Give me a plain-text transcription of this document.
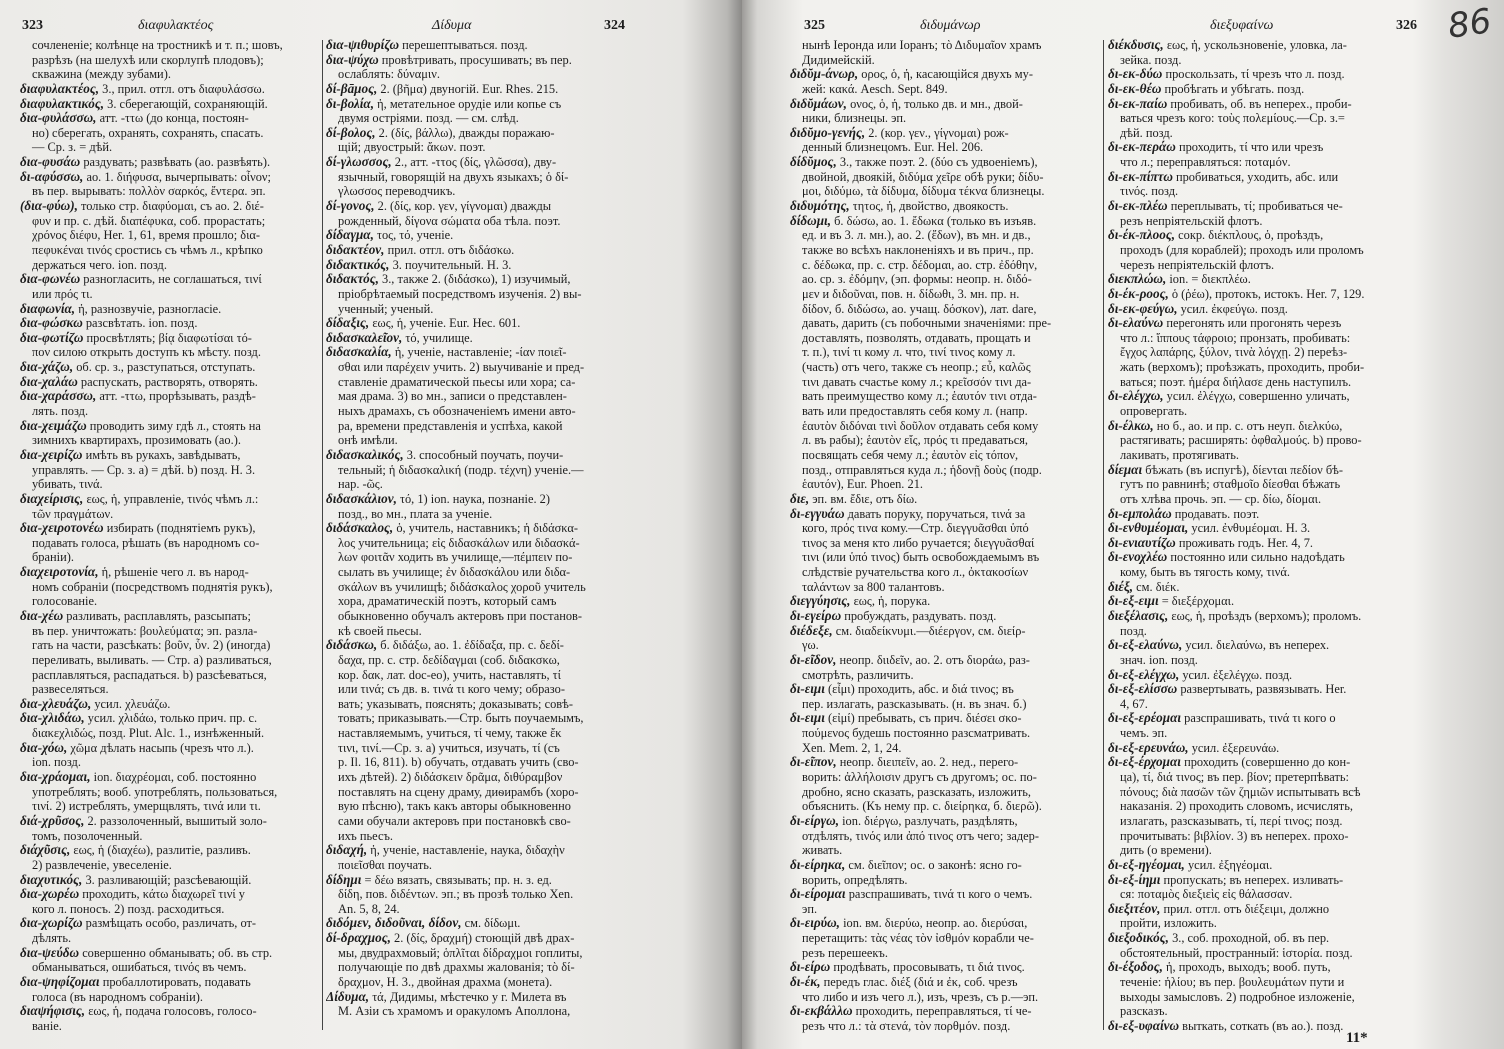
323	διαφυλακτέος	Δίδυμα	324
сочлененіе; колѣнце на тростникѣ и т. п.; шовъ,
разрѣзъ (на шелухѣ или скорлупѣ плодовъ);
скважина (между зубами).
διαφυλακτέος, 3., прил. отгл. отъ διαφυλάσσω.
διαφυλακτικός, 3. сберегающій, сохраняющій.
δια-φυλάσσω, атт. -ττω (до конца, постоян-
но) сберегать, охранять, сохранять, спасать.
— Ср. з. = дѣй.
δια-φυσάω раздувать; развѣвать (ао. развѣять).
δι-αφύσσω, ао. 1. διήφυσα, вычерпывать: οἶνον;
въ пер. вырывать: πολλὸν σαρκός, ἔντερα. эп.
(δια-φύω), только стр. διαφύομαι, съ ао. 2. διέ-
φυν и пр. с. дѣй. διαπέφυκα, соб. прорастать;
χρόνος διέφυ, Her. 1, 61, время прошло; δια-
πεφυκέναι τινός сростись съ чѣмъ л., крѣпко
держаться чего. ion. позд.
δια-φωνέω разногласить, не соглашаться, τινί
или πρός τι.
διαφωνία, ἡ, разнозвучіе, разногласіе.
δια-φώσκω разсвѣтать. ion. позд.
δια-φωτίζω просвѣтлять; βίᾳ διαφωτίσαι τό-
πον силою открыть доступъ къ мѣсту. позд.
δια-χάζω, об. ср. з., разступаться, отступать.
δια-χαλάω распускать, растворять, отворять.
δια-χαράσσω, атт. -ττω, прорѣзывать, раздѣ-
лять. позд.
δια-χειμάζω проводить зиму гдѣ л., стоять на
зимнихъ квартирахъ, прозимовать (ао.).
δια-χειρίζω имѣть въ рукахъ, завѣдывать,
управлять. — Ср. з. a) = дѣй. b) позд. H. 3.
убивать, τινά.
διαχείρισις, εως, ἡ, управленіе, τινός чѣмъ л.:
τῶν πραγμάτων.
δια-χειροτονέω избирать (поднятіемъ рукъ),
подавать голоса, рѣшать (въ народномъ со-
браніи).
διαχειροτονία, ἡ, рѣшеніе чего л. въ народ-
номъ собраніи (посредствомъ поднятія рукъ),
голосованіе.
δια-χέω разливать, расплавлять, разсыпать;
въ пер. уничтожать: βουλεύματα; эп. разла-
гать на части, разсѣкать: βοῦν, ὗν. 2) (иногда)
переливать, выливать. — Стр. a) разливаться,
расплавляться, распадаться. b) разсѣеваться,
развеселяться.
δια-χλευάζω, усил. χλευάζω.
δια-χλιδάω, усил. χλιδάω, только прич. пр. с.
διακεχλιδώς, позд. Plut. Alc. 1., изнѣженный.
δια-χόω, χῶμα дѣлать насыпь (чрезъ что л.).
ion. позд.
δια-χράομαι, ion. διαχρέομαι, соб. постоянно
употреблять; вооб. употреблять, пользоваться,
τινί. 2) истреблять, умерщвлять, τινά или τι.
διά-χρῦσος, 2. раззолоченный, вышитый золо-
томъ, позолоченный.
διάχῦσις, εως, ἡ (διαχέω), разлитіе, разливъ.
2) развлеченіе, увеселеніе.
διαχυτικός, 3. разливающій; разсѣевающій.
δια-χωρέω проходить, κάτω διαχωρεῖ τινί у
кого л. поносъ. 2) позд. расходиться.
δια-χωρίζω размѣщать особо, различать, от-
дѣлять.
δια-ψεύδω совершенно обманывать; об. въ стр.
обманываться, ошибаться, τινός въ чемъ.
δια-ψηφίζομαι пробаллотировать, подавать
голоса (въ народномъ собраніи).
διαψήφισις, εως, ἡ, подача голосовъ, голосо-
ваніе.
δια-ψιθυρίζω перешептываться. позд.
δια-ψύχω провѣтривать, просушивать; въ пер.
ослаблять: δύναμιν.
δί-βāμος, 2. (βῆμα) двуногій. Eur. Rhes. 215.
δι-βολία, ἡ, метательное орудіе или копье съ
двумя остріями. позд. — см. слѣд.
δί-βολος, 2. (δίς, βάλλω), дважды поражаю-
щій; двуострый: ἄκων. поэт.
δί-γλωσσος, 2., атт. -ττος (δίς, γλῶσσα), дву-
язычный, говорящій на двухъ языкахъ; ὁ δί-
γλωσσος переводчикъ.
δί-γονος, 2. (δίς, кор. γεν, γίγνομαι) дважды
рожденный, δίγονα σώματα оба тѣла. поэт.
δίδαγμα, τος, τό, ученіе.
διδακτέον, прил. отгл. отъ διδάσκω.
διδακτικός, 3. поучительный. H. 3.
διδακτός, 3., также 2. (διδάσκω), 1) изучимый,
пріобрѣтаемый посредствомъ изученія. 2) вы-
ученный; ученый.
δίδαξις, εως, ἡ, ученіе. Eur. Hec. 601.
διδασκαλεῖον, τό, училище.
διδασκαλία, ἡ, ученіе, наставленіе; -ίαν ποιεῖ-
σθαι или παρέχειν учить. 2) выучиваніе и пред-
ставленіе драматической пьесы или хора; са-
мая драма. 3) во мн., записи о представлен-
ныхъ драмахъ, съ обозначеніемъ имени авто-
ра, времени представленія и успѣха, какой
онѣ имѣли.
διδασκαλικός, 3. способный поучать, поучи-
тельный; ἡ διδασκαλική (подр. τέχνη) ученіе.—
нар. -ῶς.
διδασκάλιον, τό, 1) ion. наука, познаніе. 2)
позд., во мн., плата за ученіе.
διδάσκαλος, ὁ, учитель, наставникъ; ἡ διδάσκα-
λος учительница; εἰς διδασκάλων или διδασκά-
λων φοιτᾶν ходить въ училище,—πέμπειν по-
сылать въ училище; ἐν διδασκάλου или διδα-
σκάλων въ училищѣ; διδάσκαλος χοροῦ учитель
хора, драматическій поэтъ, который самъ
обыкновенно обучалъ актеровъ при постанов-
кѣ своей пьесы.
διδάσκω, б. διδάξω, ао. 1. ἐδίδαξα, пр. с. δεδί-
δαχα, пр. с. стр. δεδίδαγμαι (соб. διδακσκω,
кор. δακ, лат. doc-eo), учить, наставлять, τί
или τινά; съ дв. в. τινά τι кого чему; образо-
вать; указывать, пояснять; доказывать; совѣ-
товать; приказывать.—Стр. быть поучаемымъ,
наставляемымъ, учиться, τί чему, также ἔκ
τινι, τινί.—Ср. з. a) учиться, изучать, τί (съ
р. Il. 16, 811). b) обучать, отдавать учить (сво-
ихъ дѣтей). 2) διδάσκειν δρᾶμα, διθύραμβον
поставлять на сцену драму, диѳирамбъ (хоро-
вую пѣсню), такъ какъ авторы обыкновенно
сами обучали актеровъ при постановкѣ сво-
ихъ пьесъ.
διδαχή, ἡ, ученіе, наставленіе, наука, διδαχὴν
ποιεῖσθαι поучать.
δίδημι = δέω вязать, связывать; пр. н. з. ед.
δίδη, пов. διδέντων. эп.; въ прозѣ только Xen.
An. 5, 8, 24.
διδόμεν, διδοῦναι, δίδον, см. δίδωμι.
δί-δραχμος, 2. (δίς, δραχμή) стоющій двѣ драх-
мы, двудрахмовый; ὁπλῖται δίδραχμοι гоплиты,
получающіе по двѣ драхмы жалованія; τὸ δί-
δραχμον, H. 3., двойная драхма (монета).
Δίδυμα, τά, Дидимы, мѣстечко у г. Милета въ
М. Азіи съ храмомъ и оракуломъ Аполлона,
325	διδυμάνωρ	διεξυφαίνω	326 86
нынѣ Іеронда или Іоранъ; τὸ Διδυμαῖον храмъ
Дидимейскій.
διδῠμ-άνωρ, ορος, ὁ, ἡ, касающійся двухъ му-
жей: κακά. Aesch. Sept. 849.
διδῠμάων, ονος, ὁ, ἡ, только дв. и мн., двой-
ники, близнецы. эп.
διδῠμο-γενής, 2. (кор. γεν., γίγνομαι) рож-
денный близнецомъ. Eur. Hel. 206.
δίδῠμος, 3., также поэт. 2. (δύο съ удвоеніемъ),
двойной, двоякій, διδύμα χεῖρε обѣ руки; δίδυ-
μοι, διδύμω, τὰ δίδυμα, δίδυμα τέκνα близнецы.
διδυμότης, τητος, ἡ, двойство, двоякость.
δίδωμι, б. δώσω, ао. 1. ἔδωκα (только въ изъяв.
ед. и въ 3. л. мн.), ао. 2. (ἔδων), въ мн. и дв.,
также во всѣхъ наклоненіяхъ и въ прич., пр.
с. δέδωκα, пр. с. стр. δέδομαι, ао. стр. ἐδόθην,
ао. ср. з. ἐδόμην, (эп. формы: неопр. н. διδό-
μεν и διδοῦναι, пов. н. δίδωθι, 3. мн. пр. н.
δίδον, б. διδώσω, ао. учащ. δόσκον), лат. dare,
давать, дарить (съ побочными значеніями: пре-
доставлять, позволять, отдавать, прощать и
т. п.), τινί τι кому л. что, τινί τινος кому л.
(часть) отъ чего, также съ неопр.; εὖ, καλῶς
τινι давать счастье кому л.; κρεῖσσόν τινι да-
вать преимущество кому л.; ἑαυτόν τινι отда-
вать или предоставлять себя кому л. (напр.
ἑαυτὸν διδόναι τινὶ δοῦλον отдавать себя кому
л. въ рабы); ἑαυτὸν εἴς, πρός τι предаваться,
посвящать себя чему л.; ἑαυτὸν εἰς τόπον,
позд., отправляться куда л.; ἡδονῇ δοὺς (подр.
ἑαυτόν), Eur. Phoen. 21.
διε, эп. вм. ἔδιε, отъ δίω.
δι-εγγυάω давать поруку, поручаться, τινά за
кого, πρός τινα кому.—Стр. διεγγυᾶσθαι ὑπό
τινος за меня кто либо ручается; διεγγυᾶσθαί
τινι (или ὑπό τινος) быть освобождаемымъ въ
слѣдствіе ручательства кого л., ὀκτακοσίων
ταλάντων за 800 талантовъ.
διεγγύησις, εως, ἡ, порука.
δι-εγείρω пробуждать, раздувать. позд.
διέδεξε, см. διαδείκνυμι.—διέεργον, см. διείρ-
γω.
δι-εῖδον, неопр. διιδεῖν, ао. 2. отъ διοράω, раз-
смотрѣть, различить.
δι-ειμι (εἶμι) проходить, абс. и διά τινος; въ
пер. излагать, разсказывать. (н. въ знач. б.)
δι-ειμι (εἰμί) пребывать, съ прич. διέσει σκο-
πούμενος будешь постоянно разсматривать.
Xen. Mem. 2, 1, 24.
δι-εῖπον, неопр. διειπεῖν, ао. 2. нед., перего-
ворить: ἀλλήλοισιν другъ съ другомъ; ос. по-
дробно, ясно сказать, разсказать, изложить,
объяснить. (Къ нему пр. с. διείρηκα, б. διερῶ).
δι-είργω, ion. διέργω, разлучать, раздѣлять,
отдѣлять, τινός или ἀπό τινος отъ чего; задер-
живать.
δι-είρηκα, см. διεῖπον; ос. о законѣ: ясно го-
ворить, опредѣлять.
δι-είρομαι разспрашивать, τινά τι кого о чемъ.
эп.
δι-ειρύω, ion. вм. διερύω, неопр. ао. διερύσαι,
перетащить: τὰς νέας τὸν ἰσθμόν корабли че-
резъ перешеекъ.
δι-είρω продѣвать, просовывать, τι διά τινος.
δι-έκ, передъ глас. διέξ (διά и ἐκ, соб. чрезъ
что либо и изъ чего л.), изъ, чрезъ, съ р.—эп.
δι-εκβάλλω проходить, переправляться, τί че-
резъ что л.: τὰ στενά, τὸν πορθμόν. позд.
διέκδυσις, εως, ἡ, ускользновеніе, уловка, ла-
зейка. позд.
δι-εκ-δύω проскользать, τί чрезъ что л. позд.
δι-εκ-θέω пробѣгать и убѣгать. позд.
δι-εκ-παίω пробивать, об. въ неперех., проби-
ваться чрезъ кого: τοὺς πολεμίους.—Ср. з.=
дѣй. позд.
δι-εκ-περάω проходить, τί что или чрезъ
что л.; переправляться: ποταμόν.
δι-εκ-πίπτω пробиваться, уходить, абс. или
τινός. позд.
δι-εκ-πλέω переплывать, τί; пробиваться че-
резъ непріятельскій флотъ.
δι-έκ-πλοος, сокр. διέκπλους, ὁ, проѣздъ,
проходъ (для кораблей); проходъ или проломъ
черезъ непріятельскій флотъ.
διεκπλώω, ion. = διεκπλέω.
δι-έκ-ροος, ὁ (ῥέω), протокъ, истокъ. Her. 7, 129.
δι-εκ-φεύγω, усил. ἐκφεύγω. позд.
δι-ελαύνω перегонять или прогонять черезъ
что л.: ἵππους τάφροιο; пронзать, пробивать:
ἔγχος λαπάρης, ξύλον, τινὰ λόγχῃ. 2) переѣз-
жать (верхомъ); проѣзжать, проходить, проби-
ваться; поэт. ἡμέρα διήλασε день наступилъ.
δι-ελέγχω, усил. ἐλέγχω, совершенно уличать,
опровергать.
δι-έλκω, но б., ао. и пр. с. отъ неуп. διελκύω,
растягивать; расширять: ὀφθαλμούς. b) прово-
лакивать, протягивать.
δίεμαι бѣжать (въ испугѣ), δίενται πεδίον бѣ-
гутъ по равнинѣ; σταθμοῖο δίεσθαι бѣжать
отъ хлѣва прочь. эп. — ср. δίω, δίομαι.
δι-εμπολάω продавать. поэт.
δι-ενθυμέομαι, усил. ἐνθυμέομαι. H. 3.
δι-ενιαυτίζω проживать годъ. Her. 4, 7.
δι-ενοχλέω постоянно или сильно надоѣдать
кому, быть въ тягость кому, τινά.
διέξ, см. διέκ.
δι-εξ-ειμι = διεξέρχομαι.
διεξέλασις, εως, ἡ, проѣздъ (верхомъ); проломъ.
позд.
δι-εξ-ελαύνω, усил. διελαύνω, въ неперех.
знач. ion. позд.
δι-εξ-ελέγχω, усил. ἐξελέγχω. позд.
δι-εξ-ελίσσω развертывать, развязывать. Her.
4, 67.
δι-εξ-ερέομαι разспрашивать, τινά τι кого о
чемъ. эп.
δι-εξ-ερευνάω, усил. ἐξερευνάω.
δι-εξ-έρχομαι проходить (совершенно до кон-
ца), τί, διά τινος; въ пер. βίον; претерпѣвать:
πόνους; διὰ πασῶν τῶν ζημιῶν испытывать всѣ
наказанія. 2) проходить словомъ, исчислять,
излагать, разсказывать, τί, περί τινος; позд.
прочитывать: βιβλίον. 3) въ неперех. прохо-
дить (о времени).
δι-εξ-ηγέομαι, усил. ἐξηγέομαι.
δι-εξ-ίημι пропускать; въ неперех. изливать-
ся: ποταμὸς διεξιεὶς εἰς θάλασσαν.
διεξιτέον, прил. отгл. отъ διέξειμι, должно
пройти, изложить.
διεξοδικός, 3., соб. проходной, об. въ пер.
обстоятельный, пространный: ἱστορία. позд.
δι-έξοδος, ἡ, проходъ, выходъ; вооб. путь,
теченіе: ἡλίου; въ пер. βουλευμάτων пути и
выходы замысловъ. 2) подробное изложеніе,
разсказъ.
δι-εξ-υφαίνω выткать, соткать (въ ао.). позд.
11*
